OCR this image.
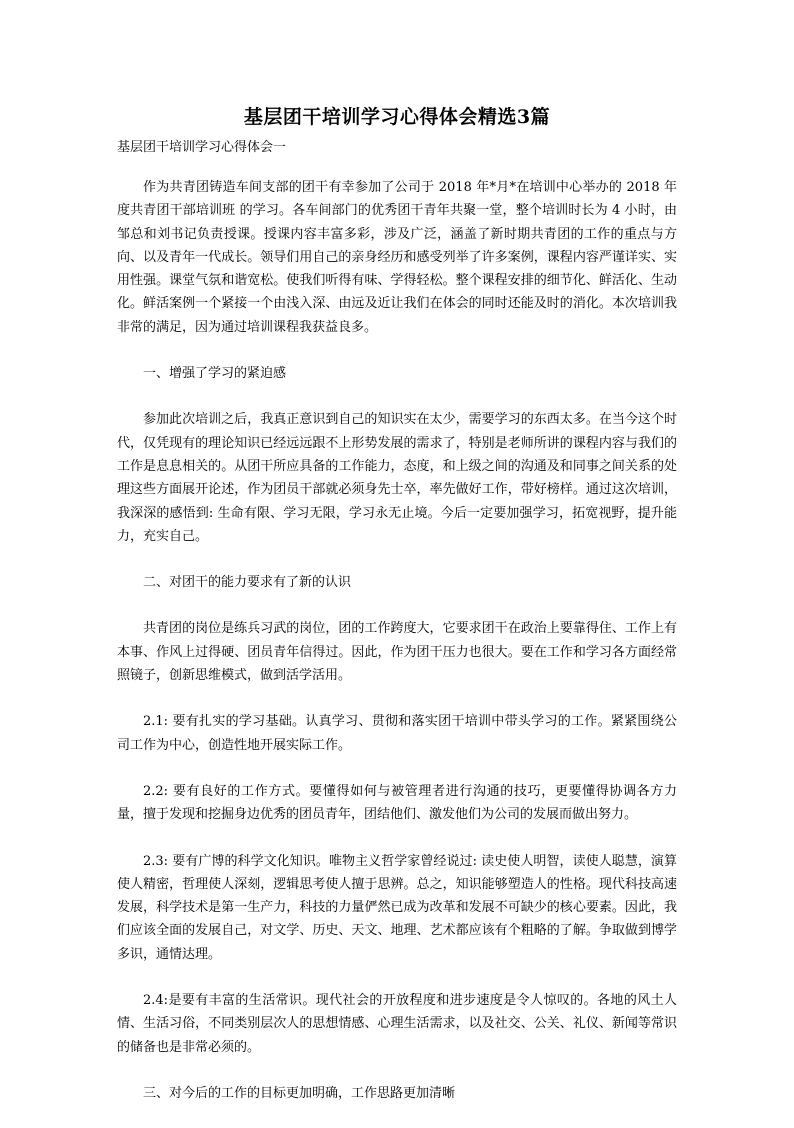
基层团干培训学习心得体会精选3篇

基层团干培训学习心得体会一

作为共青团铸造车间支部的团干有幸参加了公司于 2018 年*月*在培训中心举办的 2018 年度共青团干部培训班 的学习。各车间部门的优秀团干青年共聚一堂，整个培训时长为 4 小时，由邹总和刘书记负责授课。授课内容丰富多彩，涉及广泛，涵盖了新时期共青团的工作的重点与方向、以及青年一代成长。领导们用自己的亲身经历和感受列举了许多案例，课程内容严谨详实、实用性强。课堂气氛和谐宽松。使我们听得有味、学得轻松。整个课程安排的细节化、鲜活化、生动化。鲜活案例一个紧接一个由浅入深、由远及近让我们在体会的同时还能及时的消化。本次培训我非常的满足，因为通过培训课程我获益良多。

一、增强了学习的紧迫感

参加此次培训之后，我真正意识到自己的知识实在太少，需要学习的东西太多。在当今这个时代，仅凭现有的理论知识已经远远跟不上形势发展的需求了，特别是老师所讲的课程内容与我们的工作是息息相关的。从团干所应具备的工作能力，态度，和上级之间的沟通及和同事之间关系的处理这些方面展开论述，作为团员干部就必须身先士卒，率先做好工作，带好榜样。通过这次培训，我深深的感悟到: 生命有限、学习无限，学习永无止境。今后一定要加强学习，拓宽视野，提升能力，充实自己。

二、对团干的能力要求有了新的认识

共青团的岗位是练兵习武的岗位，团的工作跨度大，它要求团干在政治上要靠得住、工作上有本事、作风上过得硬、团员青年信得过。因此，作为团干压力也很大。要在工作和学习各方面经常照镜子，创新思维模式，做到活学活用。

2.1: 要有扎实的学习基础。认真学习、贯彻和落实团干培训中带头学习的工作。紧紧围绕公司工作为中心，创造性地开展实际工作。

2.2: 要有良好的工作方式。要懂得如何与被管理者进行沟通的技巧，更要懂得协调各方力量，擅于发现和挖掘身边优秀的团员青年，团结他们、激发他们为公司的发展而做出努力。

2.3: 要有广博的科学文化知识。唯物主义哲学家曾经说过: 读史使人明智，读使人聪慧，演算使人精密，哲理使人深刻，逻辑思考使人擅于思辨。总之，知识能够塑造人的性格。现代科技高速发展，科学技术是第一生产力，科技的力量俨然已成为改革和发展不可缺少的核心要素。因此，我们应该全面的发展自己，对文学、历史、天文、地理、艺术都应该有个粗略的了解。争取做到博学多识，通情达理。

2.4:是要有丰富的生活常识。现代社会的开放程度和进步速度是令人惊叹的。各地的风土人情、生活习俗，不同类别层次人的思想情感、心理生活需求，以及社交、公关、礼仪、新闻等常识的储备也是非常必须的。

三、对今后的工作的目标更加明确，工作思路更加清晰
